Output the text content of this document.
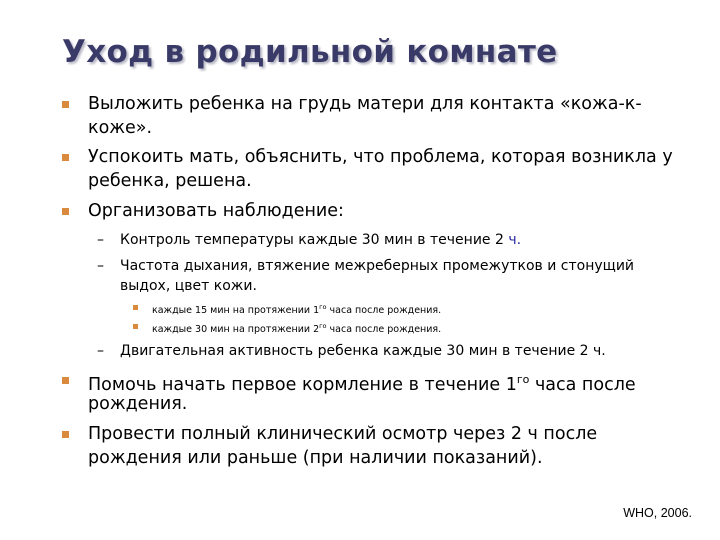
Уход в родильной комнате
Выложить ребенка на грудь матери для контакта «кожа-к-
коже».
Успокоить мать, объяснить, что проблема, которая возникла у
ребенка, решена.
Организовать наблюдение:
– Контроль температуры каждые 30 мин в течение 2 ч.
– Частота дыхания, втяжение межреберных промежутков и стонущий
выдох, цвет кожи.
каждые 15 мин на протяжении $1^{го}$ часа после рождения.
каждые 30 мин на протяжении $2^{го}$ часа после рождения.
– Двигательная активность ребенка каждые 30 мин в течение 2 ч.
Помочь начать первое кормление в течение $1^{го}$ часа после
рождения.
Провести полный клинический осмотр через 2 ч после
рождения или раньше (при наличии показаний).
WHO, 2006.
